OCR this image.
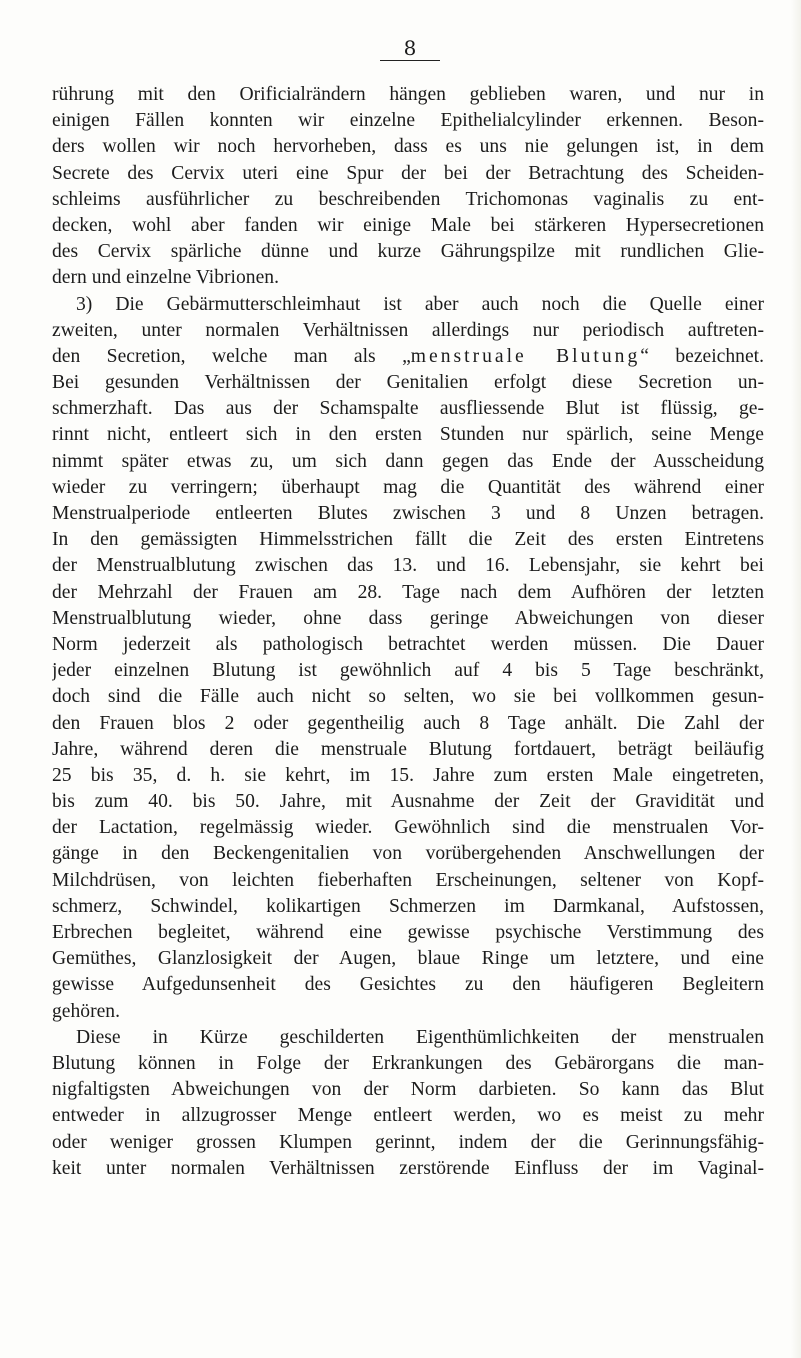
8
rührung mit den Orificialrändern hängen geblieben waren, und nur in
einigen Fällen konnten wir einzelne Epithelialcylinder erkennen. Beson-
ders wollen wir noch hervorheben, dass es uns nie gelungen ist, in dem
Secrete des Cervix uteri eine Spur der bei der Betrachtung des Scheiden-
schleims ausführlicher zu beschreibenden Trichomonas vaginalis zu ent-
decken, wohl aber fanden wir einige Male bei stärkeren Hypersecretionen
des Cervix spärliche dünne und kurze Gährungspilze mit rundlichen Glie-
dern und einzelne Vibrionen.
3) Die Gebärmutterschleimhaut ist aber auch noch die Quelle einer
zweiten, unter normalen Verhältnissen allerdings nur periodisch auftreten-
den Secretion, welche man als „menstruale Blutung“ bezeichnet.
Bei gesunden Verhältnissen der Genitalien erfolgt diese Secretion un-
schmerzhaft. Das aus der Schamspalte ausfliessende Blut ist flüssig, ge-
rinnt nicht, entleert sich in den ersten Stunden nur spärlich, seine Menge
nimmt später etwas zu, um sich dann gegen das Ende der Ausscheidung
wieder zu verringern; überhaupt mag die Quantität des während einer
Menstrualperiode entleerten Blutes zwischen 3 und 8 Unzen betragen.
In den gemässigten Himmelsstrichen fällt die Zeit des ersten Eintretens
der Menstrualblutung zwischen das 13. und 16. Lebensjahr, sie kehrt bei
der Mehrzahl der Frauen am 28. Tage nach dem Aufhören der letzten
Menstrualblutung wieder, ohne dass geringe Abweichungen von dieser
Norm jederzeit als pathologisch betrachtet werden müssen. Die Dauer
jeder einzelnen Blutung ist gewöhnlich auf 4 bis 5 Tage beschränkt,
doch sind die Fälle auch nicht so selten, wo sie bei vollkommen gesun-
den Frauen blos 2 oder gegentheilig auch 8 Tage anhält. Die Zahl der
Jahre, während deren die menstruale Blutung fortdauert, beträgt beiläufig
25 bis 35, d. h. sie kehrt, im 15. Jahre zum ersten Male eingetreten,
bis zum 40. bis 50. Jahre, mit Ausnahme der Zeit der Gravidität und
der Lactation, regelmässig wieder. Gewöhnlich sind die menstrualen Vor-
gänge in den Beckengenitalien von vorübergehenden Anschwellungen der
Milchdrüsen, von leichten fieberhaften Erscheinungen, seltener von Kopf-
schmerz, Schwindel, kolikartigen Schmerzen im Darmkanal, Aufstossen,
Erbrechen begleitet, während eine gewisse psychische Verstimmung des
Gemüthes, Glanzlosigkeit der Augen, blaue Ringe um letztere, und eine
gewisse Aufgedunsenheit des Gesichtes zu den häufigeren Begleitern
gehören.
Diese in Kürze geschilderten Eigenthümlichkeiten der menstrualen
Blutung können in Folge der Erkrankungen des Gebärorgans die man-
nigfaltigsten Abweichungen von der Norm darbieten. So kann das Blut
entweder in allzugrosser Menge entleert werden, wo es meist zu mehr
oder weniger grossen Klumpen gerinnt, indem der die Gerinnungsfähig-
keit unter normalen Verhältnissen zerstörende Einfluss der im Vaginal-
